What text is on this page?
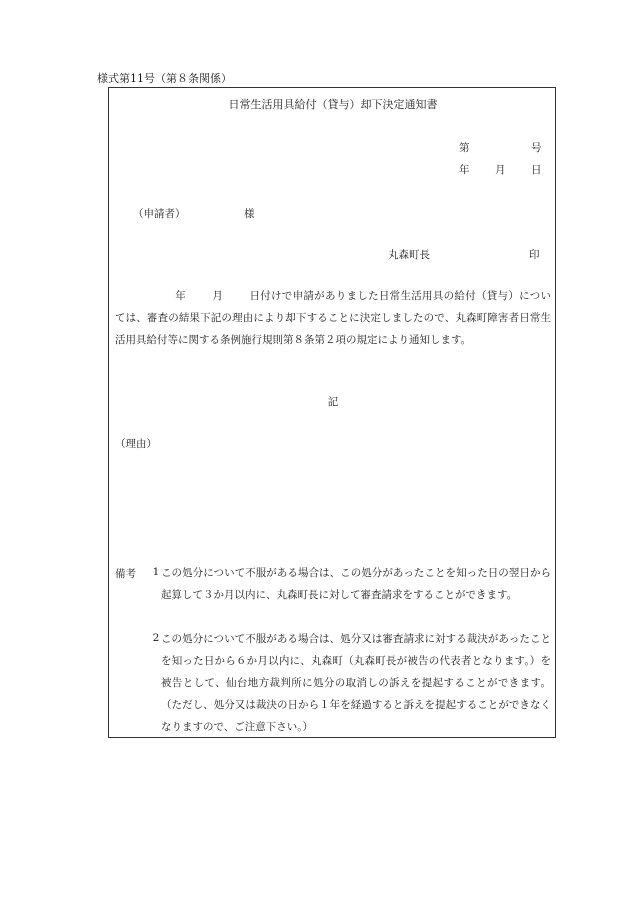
様式第11号（第８条関係）
日常生活用具給付（貸与）却下決定通知書
第	号
年 月 日
（申請者）	様
丸森町長	印
年 月 日付けで申請がありました日常生活用具の給付（貸与）については、審査の結果下記の理由により却下することに決定しましたので、丸森町障害者日常生活用具給付等に関する条例施行規則第８条第２項の規定により通知します。
記
（理由）
備考	1 この処分について不服がある場合は、この処分があったことを知った日の翌日から起算して３か月以内に、丸森町長に対して審査請求をすることができます。
2 この処分について不服がある場合は、処分又は審査請求に対する裁決があったことを知った日から６か月以内に、丸森町（丸森町長が被告の代表者となります。）を被告として、仙台地方裁判所に処分の取消しの訴えを提起することができます。（ただし、処分又は裁決の日から１年を経過すると訴えを提起することができなくなりますので、ご注意下さい。）
